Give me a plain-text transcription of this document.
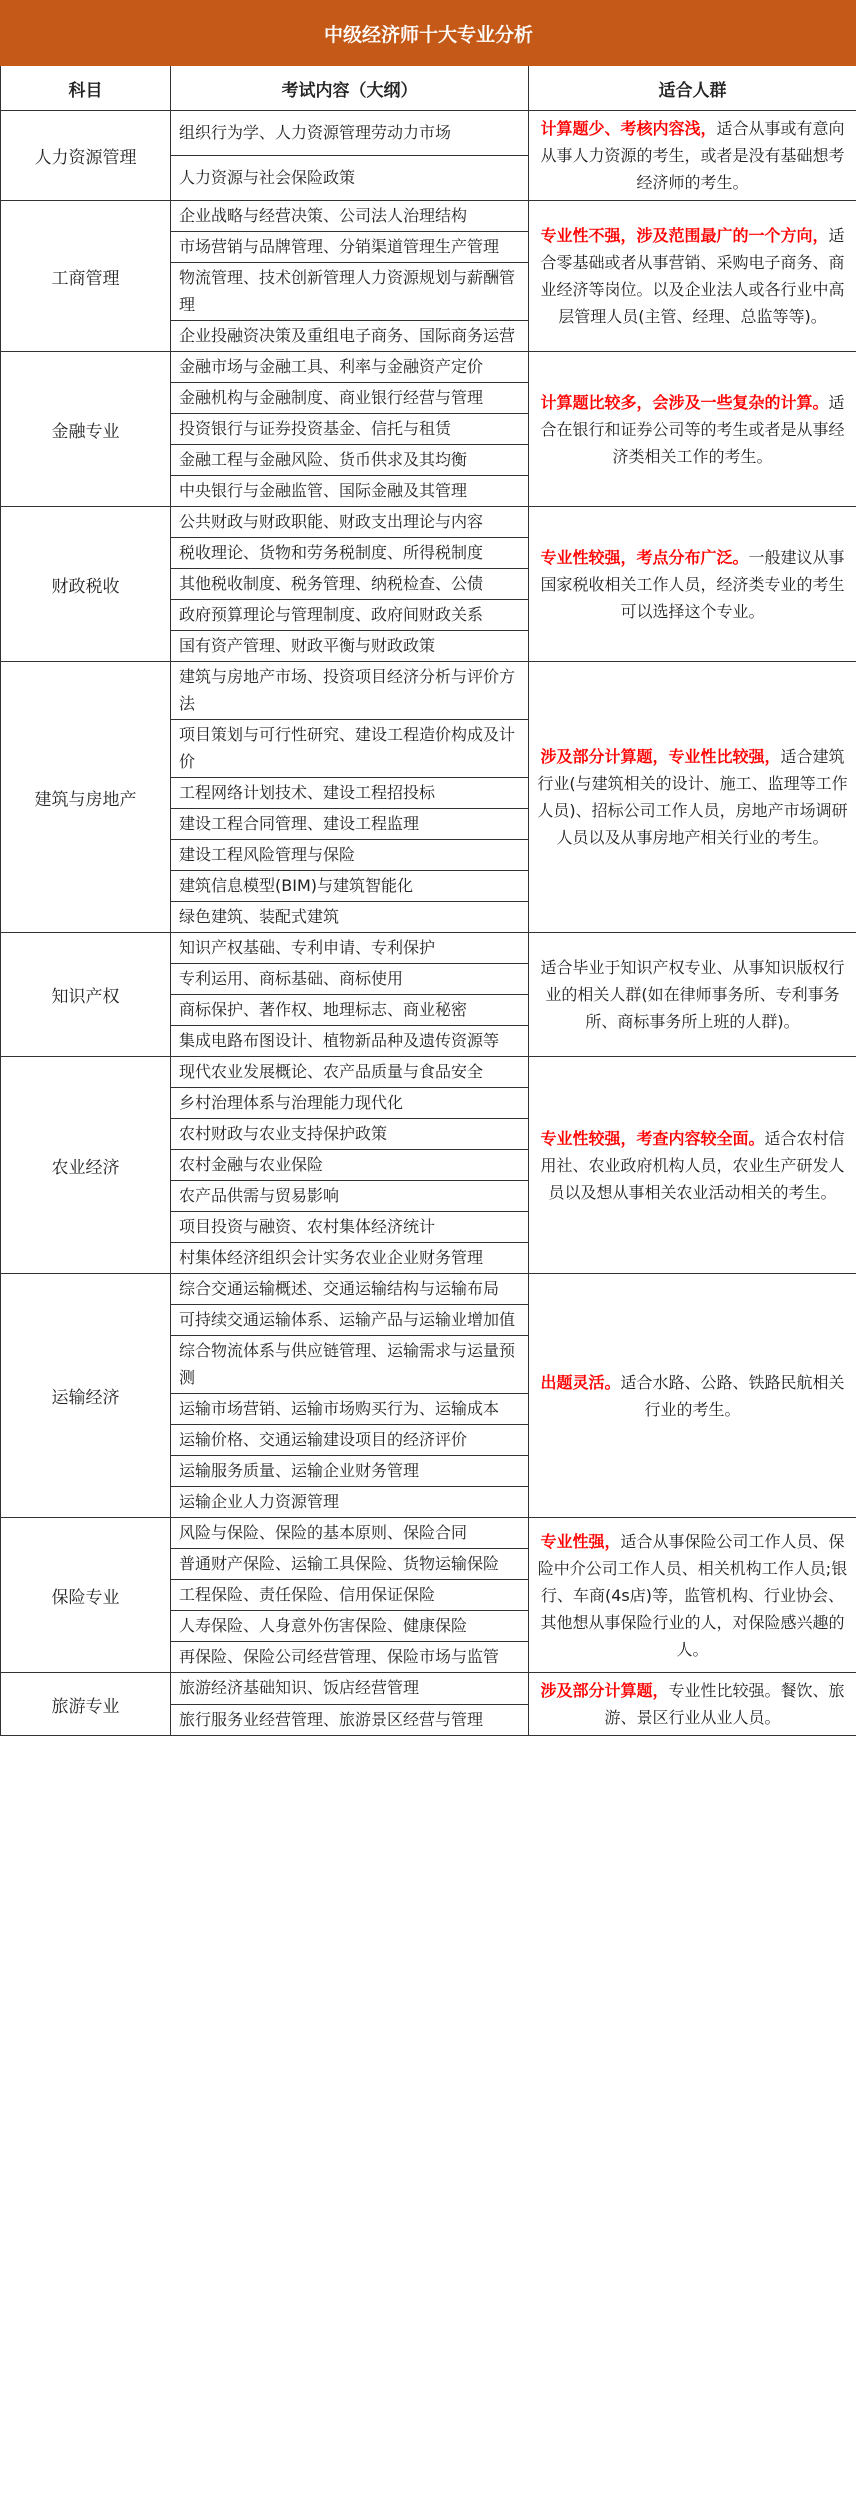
中级经济师十大专业分析		
科目	考试内容（大纲）	适合人群
人力资源管理	组织行为学、人力资源管理劳动力市场	计算题少、考核内容浅，适合从事或有意向从事人力资源的考生，或者是没有基础想考经济师的考生。
	人力资源与社会保险政策	
工商管理	企业战略与经营决策、公司法人治理结构	专业性不强，涉及范围最广的一个方向，适合零基础或者从事营销、采购电子商务、商业经济等岗位。以及企业法人或各行业中高层管理人员(主管、经理、总监等等)。
	市场营销与品牌管理、分销渠道管理生产管理	
	物流管理、技术创新管理人力资源规划与薪酬管理	
	企业投融资决策及重组电子商务、国际商务运营	
金融专业	金融市场与金融工具、利率与金融资产定价	计算题比较多，会涉及一些复杂的计算。适合在银行和证券公司等的考生或者是从事经济类相关工作的考生。
	金融机构与金融制度、商业银行经营与管理	
	投资银行与证券投资基金、信托与租赁	
	金融工程与金融风险、货币供求及其均衡	
	中央银行与金融监管、国际金融及其管理	
财政税收	公共财政与财政职能、财政支出理论与内容	专业性较强，考点分布广泛。一般建议从事国家税收相关工作人员，经济类专业的考生可以选择这个专业。
	税收理论、货物和劳务税制度、所得税制度	
	其他税收制度、税务管理、纳税检查、公债	
	政府预算理论与管理制度、政府间财政关系	
	国有资产管理、财政平衡与财政政策	
建筑与房地产	建筑与房地产市场、投资项目经济分析与评价方法	涉及部分计算题，专业性比较强，适合建筑行业(与建筑相关的设计、施工、监理等工作人员)、招标公司工作人员，房地产市场调研人员以及从事房地产相关行业的考生。
	项目策划与可行性研究、建设工程造价构成及计价	
	工程网络计划技术、建设工程招投标	
	建设工程合同管理、建设工程监理	
	建设工程风险管理与保险	
	建筑信息模型(BIM)与建筑智能化	
	绿色建筑、装配式建筑	
知识产权	知识产权基础、专利申请、专利保护	适合毕业于知识产权专业、从事知识版权行业的相关人群(如在律师事务所、专利事务所、商标事务所上班的人群)。
	专利运用、商标基础、商标使用	
	商标保护、著作权、地理标志、商业秘密	
	集成电路布图设计、植物新品种及遗传资源等	
农业经济	现代农业发展概论、农产品质量与食品安全	专业性较强，考查内容较全面。适合农村信用社、农业政府机构人员，农业生产研发人员以及想从事相关农业活动相关的考生。
	乡村治理体系与治理能力现代化	
	农村财政与农业支持保护政策	
	农村金融与农业保险	
	农产品供需与贸易影响	
	项目投资与融资、农村集体经济统计	
	村集体经济组织会计实务农业企业财务管理	
运输经济	综合交通运输概述、交通运输结构与运输布局	出题灵活。适合水路、公路、铁路民航相关行业的考生。
	可持续交通运输体系、运输产品与运输业增加值	
	综合物流体系与供应链管理、运输需求与运量预测	
	运输市场营销、运输市场购买行为、运输成本	
	运输价格、交通运输建设项目的经济评价	
	运输服务质量、运输企业财务管理	
	运输企业人力资源管理	
保险专业	风险与保险、保险的基本原则、保险合同	专业性强，适合从事保险公司工作人员、保险中介公司工作人员、相关机构工作人员;银行、车商(4s店)等，监管机构、行业协会、其他想从事保险行业的人，对保险感兴趣的人。
	普通财产保险、运输工具保险、货物运输保险	
	工程保险、责任保险、信用保证保险	
	人寿保险、人身意外伤害保险、健康保险	
	再保险、保险公司经营管理、保险市场与监管	
旅游专业	旅游经济基础知识、饭店经营管理	涉及部分计算题，专业性比较强。餐饮、旅游、景区行业从业人员。
	旅行服务业经营管理、旅游景区经营与管理	
